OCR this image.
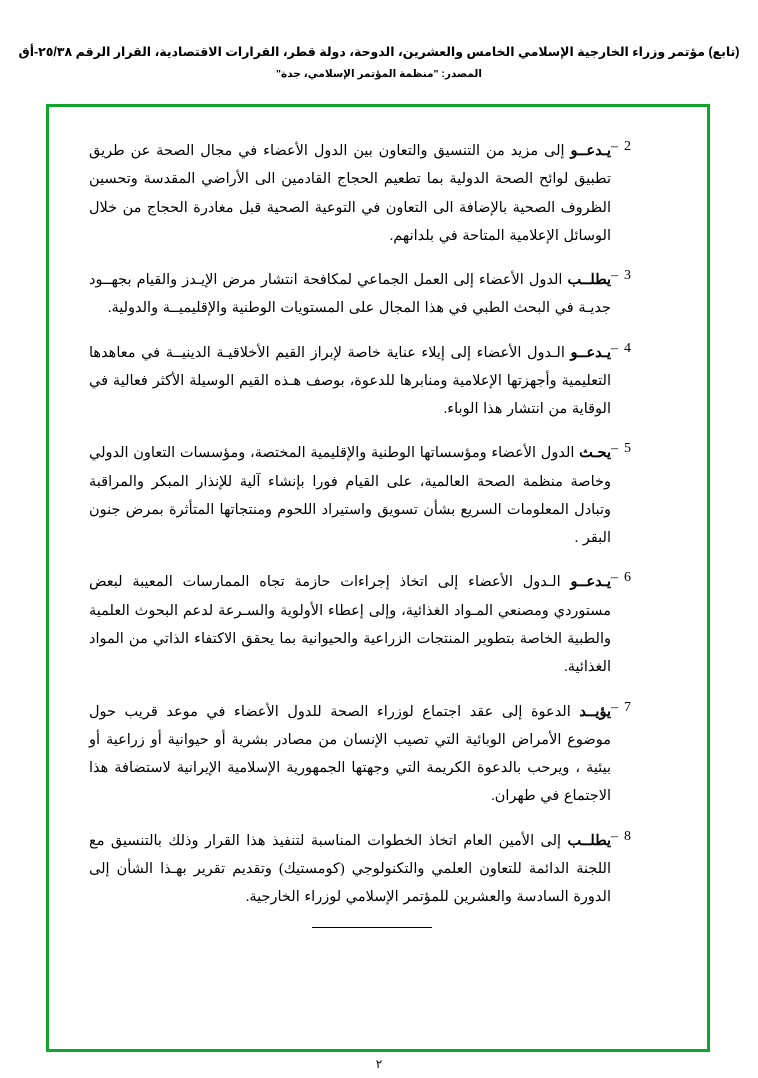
(تابع) مؤتمر وزراء الخارجية الإسلامي الخامس والعشرين، الدوحة، دولة قطر، القرارات الاقتصادية، القرار الرقم ٢٥/٣٨-أق
المصدر: "منظمة المؤتمر الإسلامي، جدة"
2–
يـدعــو إلى مزيد من التنسيق والتعاون بين الدول الأعضاء في مجال الصحة عن طريق تطبيق لوائح الصحة الدولية بما تطعيم الحجاج القادمين الى الأراضي المقدسة وتحسين الظروف الصحية بالإضافة الى التعاون في التوعية الصحية قبل مغادرة الحجاج من خلال الوسائل الإعلامية المتاحة في بلدانهم.
3–
يطلــب الدول الأعضاء إلى العمل الجماعي لمكافحة انتشار مرض الإيـدز والقيام بجهــود جديـة في البحث الطبي في هذا المجال على المستويات الوطنية والإقليميــة والدولية.
4–
يـدعــو الـدول الأعضاء إلى إيلاء عناية خاصة لإبراز القيم الأخلاقيـة الدينيــة في معاهدها التعليمية وأجهزتها الإعلامية ومنابرها للدعوة، بوصف هـذه القيم الوسيلة الأكثر فعالية في الوقاية من انتشار هذا الوباء.
5–
يحـث الدول الأعضاء ومؤسساتها الوطنية والإقليمية المختصة، ومؤسسات التعاون الدولي وخاصة منظمة الصحة العالمية، على القيام فورا بإنشاء آلية للإنذار المبكر والمراقبة وتبادل المعلومات السريع بشأن تسويق واستيراد اللحوم ومنتجاتها المتأثرة بمرض جنون البقر .
6–
يـدعــو الـدول الأعضاء إلى اتخاذ إجراءات حازمة تجاه الممارسات المعيبة لبعض مستوردي ومصنعي المـواد الغذائية، وإلى إعطاء الأولوية والسـرعة لدعم البحوث العلمية والطبية الخاصة بتطوير المنتجات الزراعية والحيوانية بما يحقق الاكتفاء الذاتي من المواد الغذائية.
7–
يؤيــد الدعوة إلى عقد اجتماع لوزراء الصحة للدول الأعضاء في موعد قريب حول موضوع الأمراض الوبائية التي تصيب الإنسان من مصادر بشرية أو حيوانية أو زراعية أو بيئية ، ويرحب بالدعوة الكريمة التي وجهتها الجمهورية الإسلامية الإيرانية لاستضافة هذا الاجتماع في طهران.
8–
يطلــب إلى الأمين العام اتخاذ الخطوات المناسبة لتنفيذ هذا القرار وذلك بالتنسيق مع اللجنة الدائمة للتعاون العلمي والتكنولوجي (كومستيك) وتقديم تقرير بهـذا الشأن إلى الدورة السادسة والعشرين للمؤتمر الإسلامي لوزراء الخارجية.
٢
